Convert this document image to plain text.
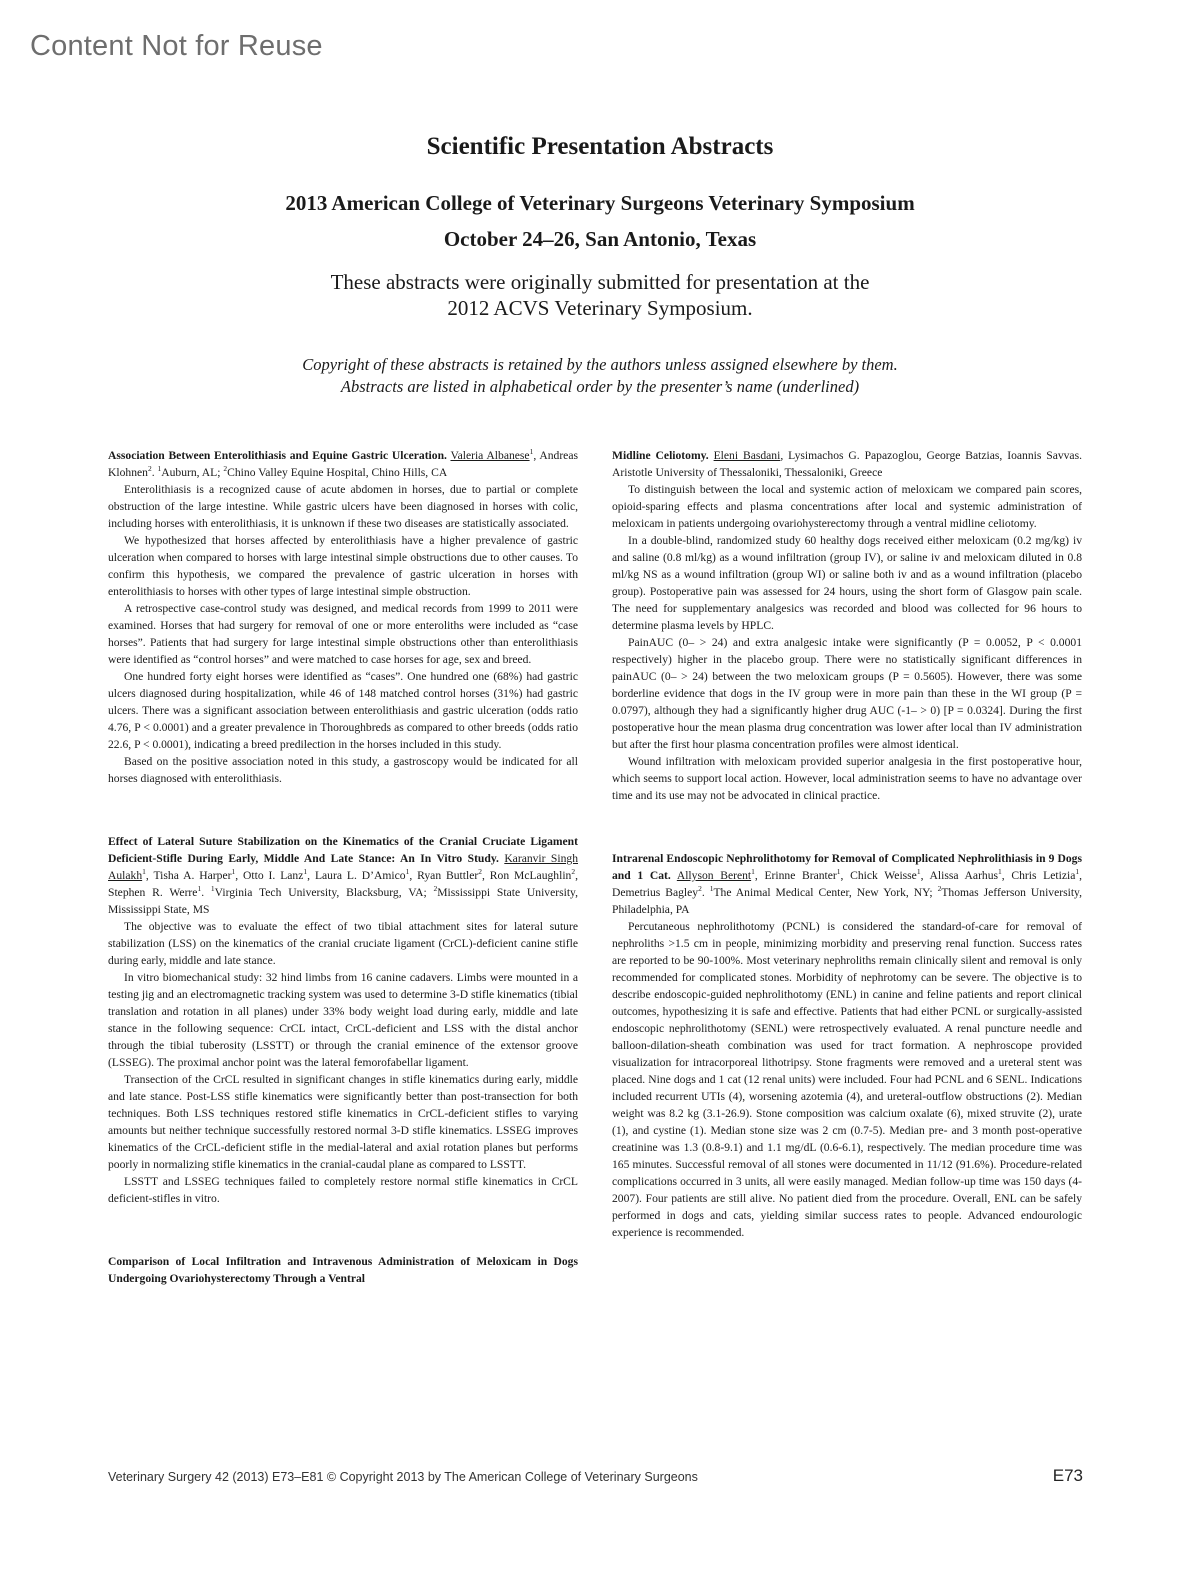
Content Not for Reuse
Scientific Presentation Abstracts
2013 American College of Veterinary Surgeons Veterinary Symposium
October 24–26, San Antonio, Texas
These abstracts were originally submitted for presentation at the
2012 ACVS Veterinary Symposium.
Copyright of these abstracts is retained by the authors unless assigned elsewhere by them.
Abstracts are listed in alphabetical order by the presenter’s name (underlined)

Association Between Enterolithiasis and Equine Gastric Ulceration. Valeria Albanese$^1$, Andreas Klohnen$^2$. $^1$Auburn, AL; $^2$Chino Valley Equine Hospital, Chino Hills, CA

Enterolithiasis is a recognized cause of acute abdomen in horses, due to partial or complete obstruction of the large intestine. While gastric ulcers have been diagnosed in horses with colic, including horses with enterolithiasis, it is unknown if these two diseases are statistically associated.

We hypothesized that horses affected by enterolithiasis have a higher prevalence of gastric ulceration when compared to horses with large intestinal simple obstructions due to other causes. To confirm this hypothesis, we compared the prevalence of gastric ulceration in horses with enterolithiasis to horses with other types of large intestinal simple obstruction.

A retrospective case-control study was designed, and medical records from 1999 to 2011 were examined. Horses that had surgery for removal of one or more enteroliths were included as “case horses”. Patients that had surgery for large intestinal simple obstructions other than enterolithiasis were identified as “control horses” and were matched to case horses for age, sex and breed.

One hundred forty eight horses were identified as “cases”. One hundred one (68%) had gastric ulcers diagnosed during hospitalization, while 46 of 148 matched control horses (31%) had gastric ulcers. There was a significant association between enterolithiasis and gastric ulceration (odds ratio 4.76, P < 0.0001) and a greater prevalence in Thoroughbreds as compared to other breeds (odds ratio 22.6, P < 0.0001), indicating a breed predilection in the horses included in this study.

Based on the positive association noted in this study, a gastroscopy would be indicated for all horses diagnosed with enterolithiasis.

Effect of Lateral Suture Stabilization on the Kinematics of the Cranial Cruciate Ligament Deficient-Stifle During Early, Middle And Late Stance: An In Vitro Study. Karanvir Singh Aulakh$^1$, Tisha A. Harper$^1$, Otto I. Lanz$^1$, Laura L. D’Amico$^1$, Ryan Buttler$^2$, Ron McLaughlin$^2$, Stephen R. Werre$^1$. $^1$Virginia Tech University, Blacksburg, VA; $^2$Mississippi State University, Mississippi State, MS

The objective was to evaluate the effect of two tibial attachment sites for lateral suture stabilization (LSS) on the kinematics of the cranial cruciate ligament (CrCL)-deficient canine stifle during early, middle and late stance.

In vitro biomechanical study: 32 hind limbs from 16 canine cadavers. Limbs were mounted in a testing jig and an electromagnetic tracking system was used to determine 3-D stifle kinematics (tibial translation and rotation in all planes) under 33% body weight load during early, middle and late stance in the following sequence: CrCL intact, CrCL-deficient and LSS with the distal anchor through the tibial tuberosity (LSSTT) or through the cranial eminence of the extensor groove (LSSEG). The proximal anchor point was the lateral femorofabellar ligament.

Transection of the CrCL resulted in significant changes in stifle kinematics during early, middle and late stance. Post-LSS stifle kinematics were significantly better than post-transection for both techniques. Both LSS techniques restored stifle kinematics in CrCL-deficient stifles to varying amounts but neither technique successfully restored normal 3-D stifle kinematics. LSSEG improves kinematics of the CrCL-deficient stifle in the medial-lateral and axial rotation planes but performs poorly in normalizing stifle kinematics in the cranial-caudal plane as compared to LSSTT.

LSSTT and LSSEG techniques failed to completely restore normal stifle kinematics in CrCL deficient-stifles in vitro.

Comparison of Local Infiltration and Intravenous Administration of Meloxicam in Dogs Undergoing Ovariohysterectomy Through a Ventral

Midline Celiotomy. Eleni Basdani, Lysimachos G. Papazoglou, George Batzias, Ioannis Savvas. Aristotle University of Thessaloniki, Thessaloniki, Greece

To distinguish between the local and systemic action of meloxicam we compared pain scores, opioid-sparing effects and plasma concentrations after local and systemic administration of meloxicam in patients undergoing ovariohysterectomy through a ventral midline celiotomy.

In a double-blind, randomized study 60 healthy dogs received either meloxicam (0.2 mg/kg) iv and saline (0.8 ml/kg) as a wound infiltration (group IV), or saline iv and meloxicam diluted in 0.8 ml/kg NS as a wound infiltration (group WI) or saline both iv and as a wound infiltration (placebo group). Postoperative pain was assessed for 24 hours, using the short form of Glasgow pain scale. The need for supplementary analgesics was recorded and blood was collected for 96 hours to determine plasma levels by HPLC.

PainAUC (0– > 24) and extra analgesic intake were significantly (P = 0.0052, P < 0.0001 respectively) higher in the placebo group. There were no statistically significant differences in painAUC (0– > 24) between the two meloxicam groups (P = 0.5605). However, there was some borderline evidence that dogs in the IV group were in more pain than these in the WI group (P = 0.0797), although they had a significantly higher drug AUC (-1– > 0) [P = 0.0324]. During the first postoperative hour the mean plasma drug concentration was lower after local than IV administration but after the first hour plasma concentration profiles were almost identical.

Wound infiltration with meloxicam provided superior analgesia in the first postoperative hour, which seems to support local action. However, local administration seems to have no advantage over time and its use may not be advocated in clinical practice.

Intrarenal Endoscopic Nephrolithotomy for Removal of Complicated Nephrolithiasis in 9 Dogs and 1 Cat. Allyson Berent$^1$, Erinne Branter$^1$, Chick Weisse$^1$, Alissa Aarhus$^1$, Chris Letizia$^1$, Demetrius Bagley$^2$. $^1$The Animal Medical Center, New York, NY; $^2$Thomas Jefferson University, Philadelphia, PA

Percutaneous nephrolithotomy (PCNL) is considered the standard-of-care for removal of nephroliths >1.5 cm in people, minimizing morbidity and preserving renal function. Success rates are reported to be 90-100%. Most veterinary nephroliths remain clinically silent and removal is only recommended for complicated stones. Morbidity of nephrotomy can be severe. The objective is to describe endoscopic-guided nephrolithotomy (ENL) in canine and feline patients and report clinical outcomes, hypothesizing it is safe and effective. Patients that had either PCNL or surgically-assisted endoscopic nephrolithotomy (SENL) were retrospectively evaluated. A renal puncture needle and balloon-dilation-sheath combination was used for tract formation. A nephroscope provided visualization for intracorporeal lithotripsy. Stone fragments were removed and a ureteral stent was placed. Nine dogs and 1 cat (12 renal units) were included. Four had PCNL and 6 SENL. Indications included recurrent UTIs (4), worsening azotemia (4), and ureteral-outflow obstructions (2). Median weight was 8.2 kg (3.1-26.9). Stone composition was calcium oxalate (6), mixed struvite (2), urate (1), and cystine (1). Median stone size was 2 cm (0.7-5). Median pre- and 3 month post-operative creatinine was 1.3 (0.8-9.1) and 1.1 mg/dL (0.6-6.1), respectively. The median procedure time was 165 minutes. Successful removal of all stones were documented in 11/12 (91.6%). Procedure-related complications occurred in 3 units, all were easily managed. Median follow-up time was 150 days (4-2007). Four patients are still alive. No patient died from the procedure. Overall, ENL can be safely performed in dogs and cats, yielding similar success rates to people. Advanced endourologic experience is recommended.

Veterinary Surgery 42 (2013) E73–E81 © Copyright 2013 by The American College of Veterinary Surgeons	E73
